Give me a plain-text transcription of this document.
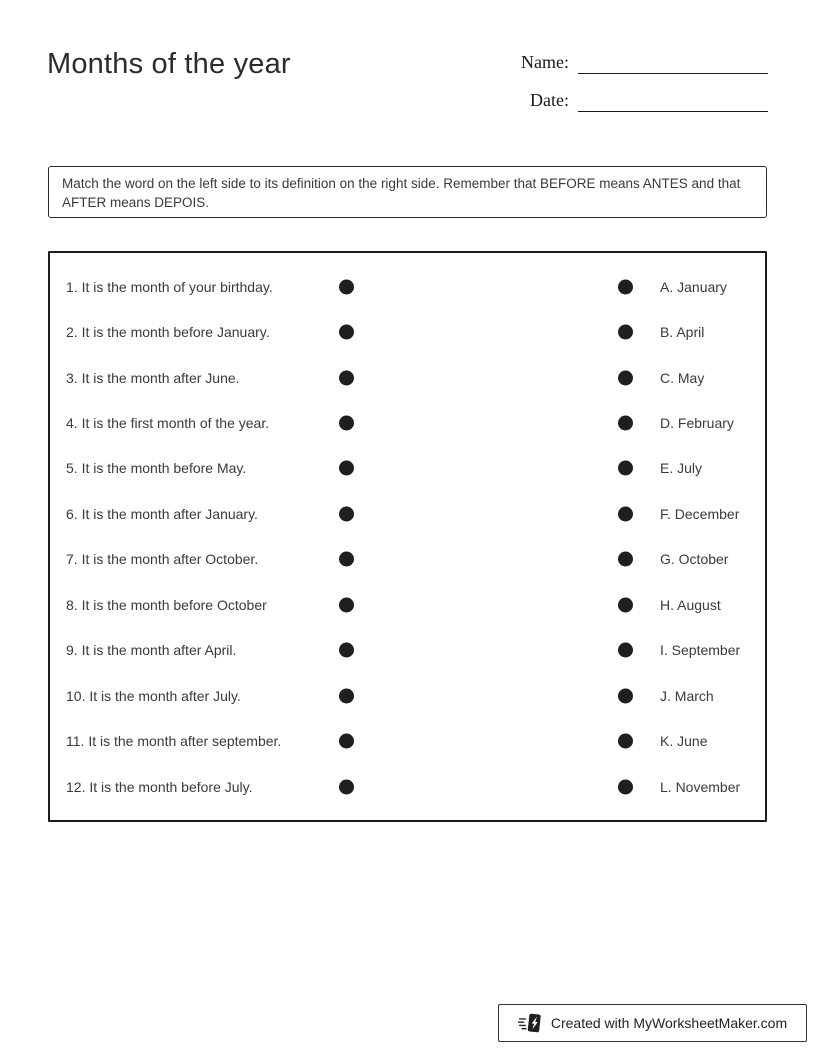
Months of the year	Name:
Date:
Match the word on the left side to its definition on the right side. Remember that BEFORE means ANTES and that AFTER means DEPOIS.
1. It is the month of your birthday.	A. January
2. It is the month before January.	B. April
3. It is the month after June.	C. May
4. It is the first month of the year.	D. February
5. It is the month before May.	E. July
6. It is the month after January.	F. December
7. It is the month after October.	G. October
8. It is the month before October	H. August
9. It is the month after April.	I. September
10. It is the month after July.	J. March
11. It is the month after september.	K. June
12. It is the month before July.	L. November
Created with MyWorksheetMaker.com
